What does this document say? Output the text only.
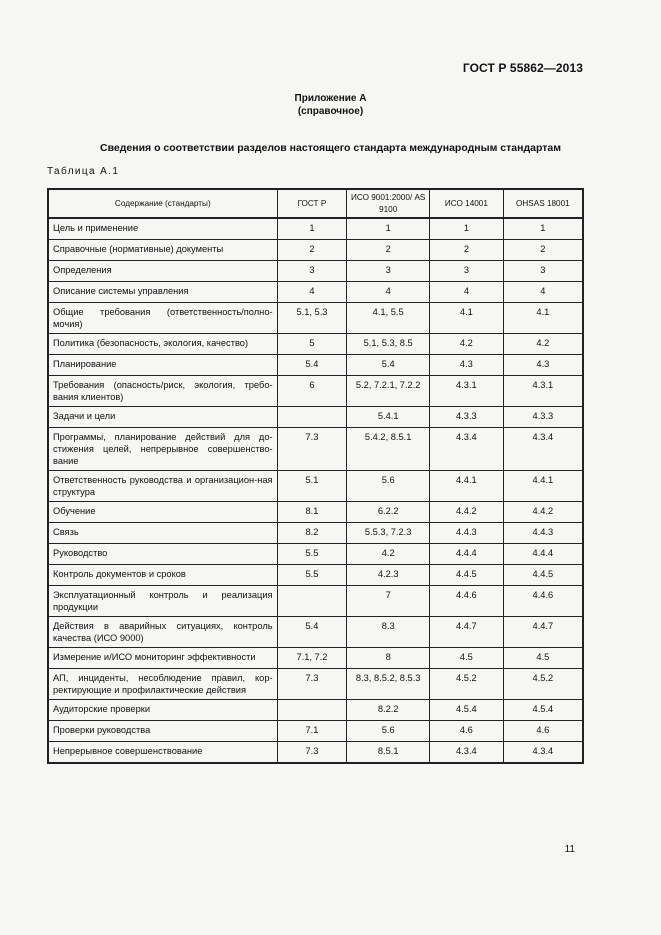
ГОСТ Р 55862—2013
Приложение А
(справочное)
Сведения о соответствии разделов настоящего стандарта международным стандартам
Таблица А.1
Содержание (стандарты)	ГОСТ Р	ИСО 9001:2000/ AS 9100	ИСО 14001	OHSAS 18001
Цель и применение	1	1	1	1
Справочные (нормативные) документы	2	2	2	2
Определения	3	3	3	3
Описание системы управления	4	4	4	4
Общие требования (ответственность/полно-мочия)	5.1, 5.3	4.1, 5.5	4.1	4.1
Политика (безопасность, экология, качество)	5	5.1, 5.3, 8.5	4.2	4.2
Планирование	5.4	5.4	4.3	4.3
Требования (опасность/риск, экология, требо-вания клиентов)	6	5.2, 7.2.1, 7.2.2	4.3.1	4.3.1
Задачи и цели		5.4.1	4.3.3	4.3.3
Программы, планирование действий для до-стижения целей, непрерывное совершенство-вание	7.3	5.4.2, 8.5.1	4.3.4	4.3.4
Ответственность руководства и организацион-ная структура	5.1	5.6	4.4.1	4.4.1
Обучение	8.1	6.2.2	4.4.2	4.4.2
Связь	8.2	5.5.3, 7.2.3	4.4.3	4.4.3
Руководство	5.5	4.2	4.4.4	4.4.4
Контроль документов и сроков	5.5	4.2.3	4.4.5	4.4.5
Эксплуатационный контроль и реализация продукции		7	4.4.6	4.4.6
Действия в аварийных ситуациях, контроль качества (ИСО 9000)	5.4	8.3	4.4.7	4.4.7
Измерение и/ИСО мониторинг эффективности	7.1, 7.2	8	4.5	4.5
АП, инциденты, несоблюдение правил, кор-ректирующие и профилактические действия	7.3	8.3, 8.5.2, 8.5.3	4.5.2	4.5.2
Аудиторские проверки		8.2.2	4.5.4	4.5.4
Проверки руководства	7.1	5.6	4.6	4.6
Непрерывное совершенствование	7.3	8.5.1	4.3.4	4.3.4
11
